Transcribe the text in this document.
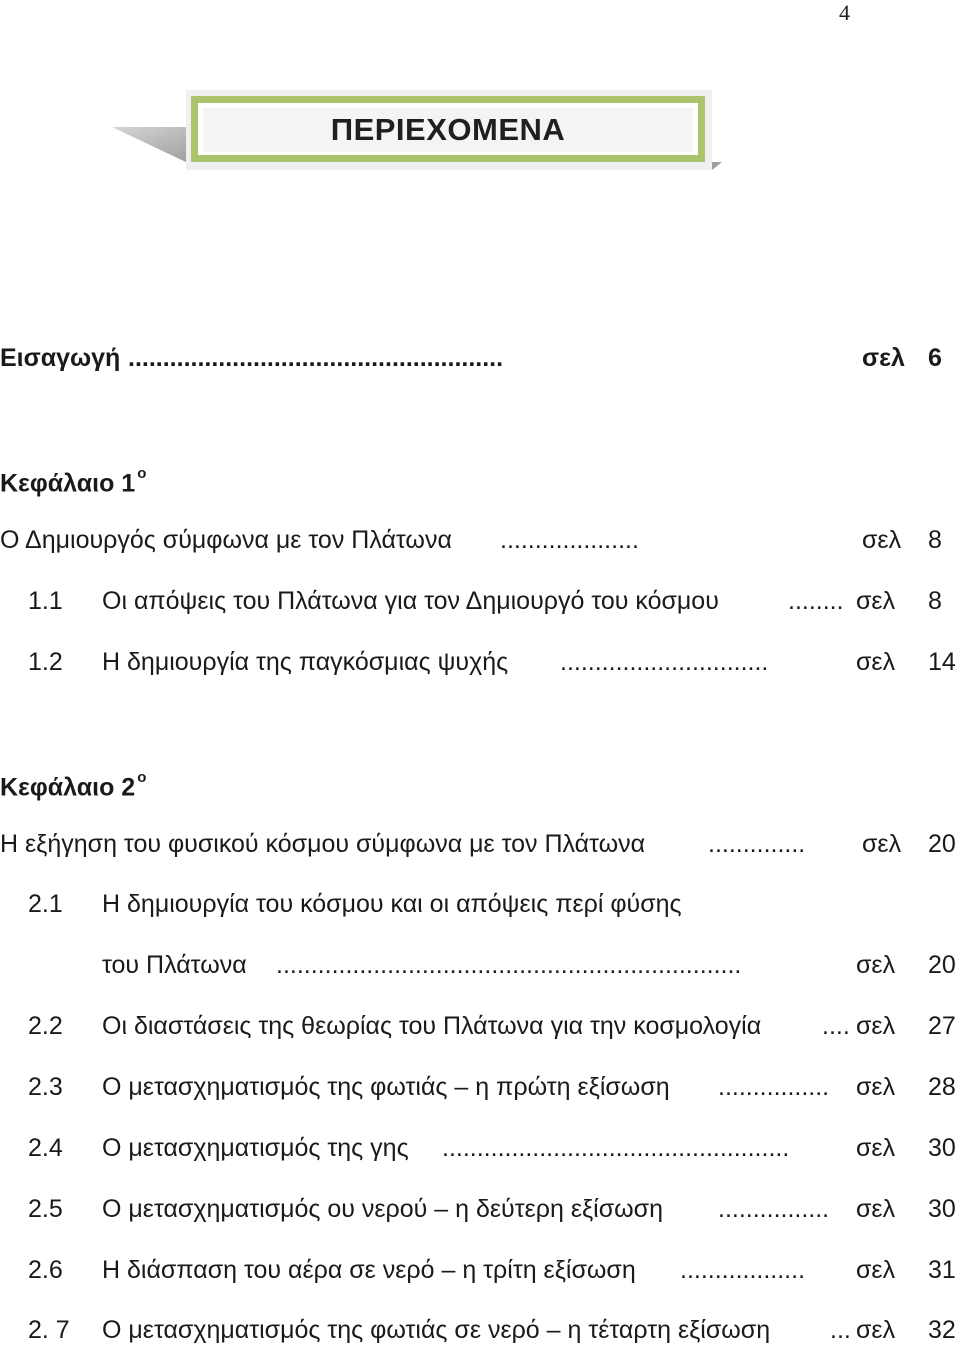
4
ΠΕΡΙΕΧΟΜΕΝΑ
Εισαγωγή ......................................................	σελ 6
Κεφάλαιο 1 $^o$
Ο Δημιουργός σύμφωνα με τον Πλάτωνα ....................	σελ 8
1.1 Οι απόψεις του Πλάτωνα για τον Δημιουργό του κόσμου	........ σελ 8
1.2 Η δημιουργία της παγκόσμιας ψυχής ..............................	σελ 14
Κεφάλαιο 2 $^o$
Η εξήγηση του φυσικού κόσμου σύμφωνα με τον Πλάτωνα	.............. σελ 20
2.1 Η δημιουργία του κόσμου και οι απόψεις περί φύσης
του Πλάτωνα ...................................................................	σελ 20
2.2 Οι διαστάσεις της θεωρίας του Πλάτωνα για την κοσμολογία .... σελ 27
2.3 Ο μετασχηματισμός της φωτιάς – η πρώτη εξίσωση ................ σελ 28
2.4 Ο μετασχηματισμός της γης ..................................................	σελ 30
2.5 Ο μετασχηματισμός ου νερού – η δεύτερη εξίσωση ................ σελ 30
2.6 Η διάσπαση του αέρα σε νερό – η τρίτη εξίσωση .................. σελ 31
2. 7 Ο μετασχηματισμός της φωτιάς σε νερό – η τέταρτη εξίσωση ... σελ 32
